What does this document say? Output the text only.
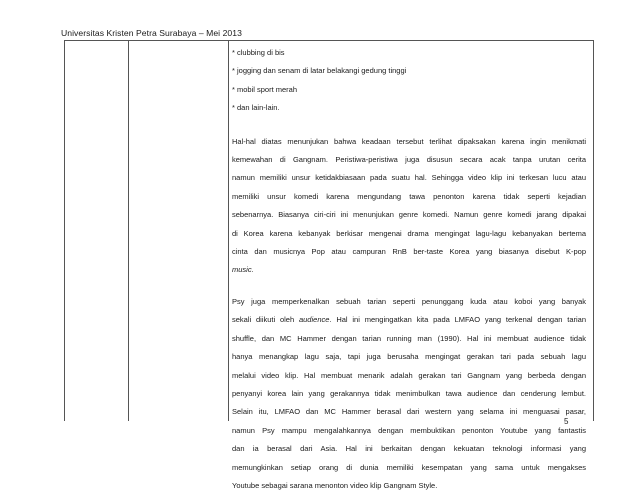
Universitas Kristen Petra Surabaya – Mei 2013

* clubbing di bis

* jogging dan senam di latar belakangi gedung tinggi

* mobil sport merah

* dan lain-lain.

Hal-hal diatas menunjukan bahwa keadaan tersebut terlihat dipaksakan karena ingin menikmati
kemewahan di Gangnam. Peristiwa-peristiwa juga disusun secara acak tanpa urutan cerita
namun memiliki unsur ketidakbiasaan pada suatu hal. Sehingga video klip ini terkesan lucu atau
memiliki unsur komedi karena mengundang tawa penonton karena tidak seperti kejadian
sebenarnya. Biasanya ciri-ciri ini menunjukan genre komedi. Namun genre komedi jarang dipakai
di Korea karena kebanyak berkisar mengenai drama mengingat lagu-lagu kebanyakan bertema
cinta dan musicnya Pop atau campuran RnB ber-taste Korea yang biasanya disebut K-pop
music.
Psy juga memperkenalkan sebuah tarian seperti penunggang kuda atau koboi yang banyak
sekali diikuti oleh audience. Hal ini mengingatkan kita pada LMFAO yang terkenal dengan tarian
shuffle, dan MC Hammer dengan tarian running man (1990). Hal ini membuat audience tidak
hanya menangkap lagu saja, tapi juga berusaha mengingat gerakan tari pada sebuah lagu
melalui video klip. Hal membuat menarik adalah gerakan tari Gangnam yang berbeda dengan
penyanyi korea lain yang gerakannya tidak menimbulkan tawa audience dan cenderung lembut.
Selain itu, LMFAO dan MC Hammer berasal dari western yang selama ini menguasai pasar,
namun Psy mampu mengalahkannya dengan membuktikan penonton Youtube yang fantastis
dan ia berasal dari Asia. Hal ini berkaitan dengan kekuatan teknologi informasi yang
memungkinkan setiap orang di dunia memiliki kesempatan yang sama untuk mengakses
Youtube sebagai sarana menonton video klip Gangnam Style.
5
